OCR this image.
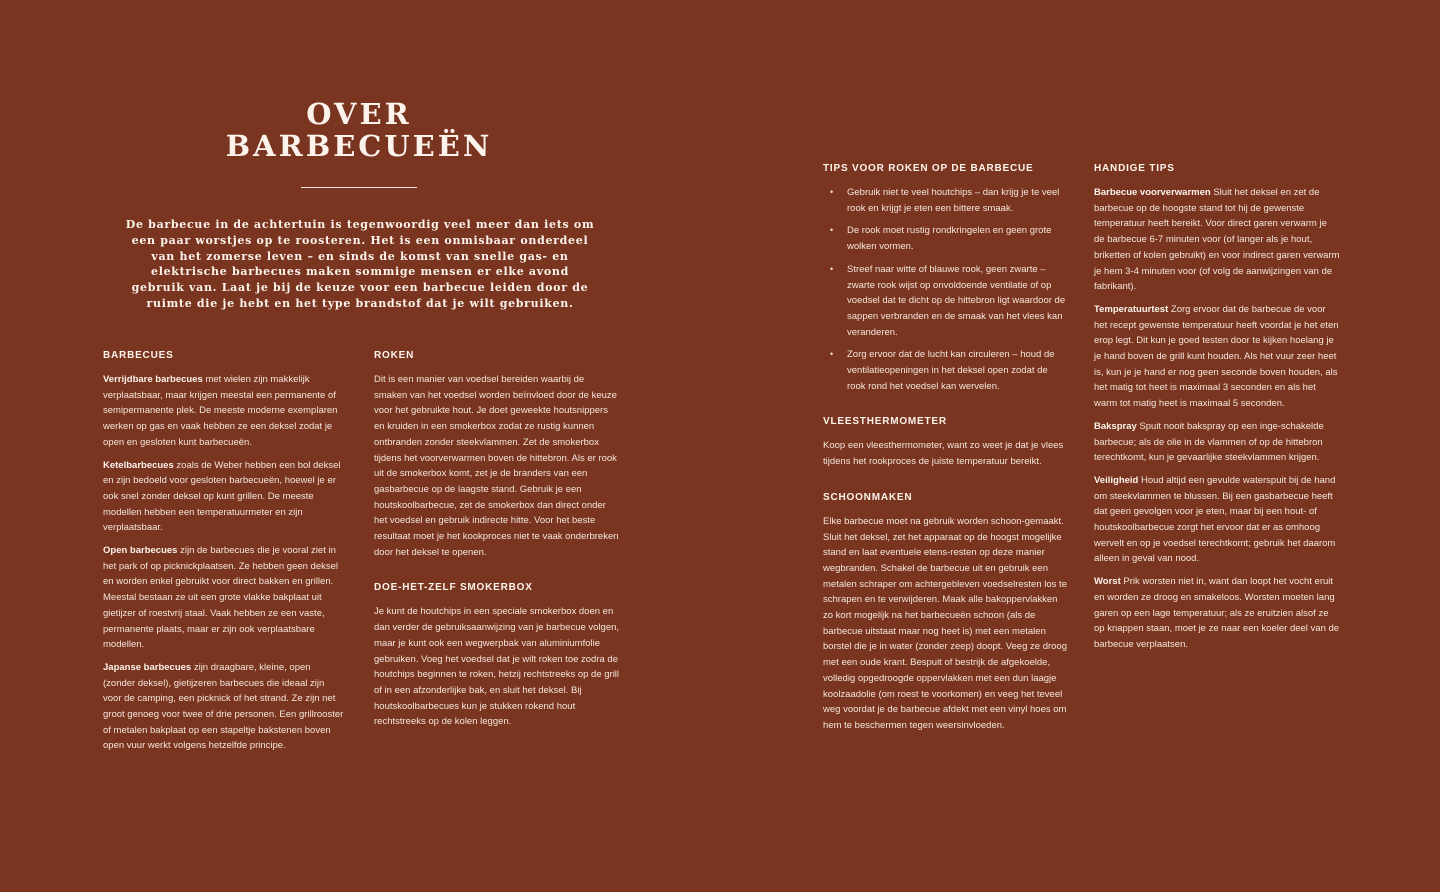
OVER
BARBECUEËN

De barbecue in de achtertuin is tegenwoordig veel meer dan iets om een paar worstjes op te roosteren. Het is een onmisbaar onderdeel van het zomerse leven – en sinds de komst van snelle gas- en elektrische barbecues maken sommige mensen er elke avond gebruik van. Laat je bij de keuze voor een barbecue leiden door de ruimte die je hebt en het type brandstof dat je wilt gebruiken.

BARBECUES

Verrijdbare barbecues met wielen zijn makkelijk verplaatsbaar, maar krijgen meestal een permanente of semipermanente plek. De meeste moderne exemplaren werken op gas en vaak hebben ze een deksel zodat je open en gesloten kunt barbecueën.

Ketelbarbecues zoals de Weber hebben een bol deksel en zijn bedoeld voor gesloten barbecueën, hoewel je er ook sneI zonder deksel op kunt grillen. De meeste modellen hebben een temperatuurmeter en zijn verplaatsbaar.

Open barbecues zijn de barbecues die je vooral ziet in het park of op picknickplaatsen. Ze hebben geen deksel en worden enkel gebruikt voor direct bakken en grillen. Meestal bestaan ze uit een grote vlakke bakplaat uit gietijzer of roestvrij staal. Vaak hebben ze een vaste, permanente plaats, maar er zijn ook verplaatsbare modellen.

Japanse barbecues zijn draagbare, kleine, open (zonder deksel), gietijzeren barbecues die ideaal zijn voor de camping, een picknick of het strand. Ze zijn net groot genoeg voor twee of drie personen. Een grillrooster of metalen bakplaat op een stapeltje bakstenen boven open vuur werkt volgens hetzelfde principe.

ROKEN

Dit is een manier van voedsel bereiden waarbij de smaken van het voedsel worden beïnvloed door de keuze voor het gebruikte hout. Je doet geweekte houtsnippers en kruiden in een smokerbox zodat ze rustig kunnen ontbranden zonder steekvlammen. Zet de smokerbox tijdens het voorverwarmen boven de hittebron. Als er rook uit de smokerbox komt, zet je de branders van een gasbarbecue op de laagste stand. Gebruik je een houtskoolbarbecue, zet de smokerbox dan direct onder het voedsel en gebruik indirecte hitte. Voor het beste resultaat moet je het kookproces niet te vaak onderbreken door het deksel te openen.

DOE-HET-ZELF SMOKERBOX

Je kunt de houtchips in een speciale smokerbox doen en dan verder de gebruiksaanwijzing van je barbecue volgen, maar je kunt ook een wegwerpbak van aluminiumfolie gebruiken. Voeg het voedsel dat je wilt roken toe zodra de houtchips beginnen te roken, hetzij rechtstreeks op de grill of in een afzonderlijke bak, en sluit het deksel. Bij houtskoolbarbecues kun je stukken rokend hout rechtstreeks op de kolen leggen.

TIPS VOOR ROKEN OP DE BARBECUE
• Gebruik niet te veel houtchips – dan krijg je te veel rook en krijgt je eten een bittere smaak.
• De rook moet rustig rondkringelen en geen grote wolken vormen.
• Streef naar witte of blauwe rook, geen zwarte – zwarte rook wijst op onvoldoende ventilatie of op voedsel dat te dicht op de hittebron ligt waardoor de sappen verbranden en de smaak van het vlees kan veranderen.
• Zorg ervoor dat de lucht kan circuleren – houd de ventilatieopeningen in het deksel open zodat de rook rond het voedsel kan wervelen.
VLEESTHERMOMETER

Koop een vleesthermometer, want zo weet je dat je vlees tijdens het rookproces de juiste temperatuur bereikt.

SCHOONMAKEN

Elke barbecue moet na gebruik worden schoon-gemaakt. Sluit het deksel, zet het apparaat op de hoogst mogelijke stand en laat eventuele etens-resten op deze manier wegbranden. Schakel de barbecue uit en gebruik een metalen schraper om achtergebleven voedselresten los te schrapen en te verwijderen. Maak alle bakoppervlakken zo kort mogelijk na het barbecueën schoon (als de barbecue uitstaat maar nog heet is) met een metalen borstel die je in water (zonder zeep) doopt. Veeg ze droog met een oude krant. Bespuit of bestrijk de afgekoelde, volledig opgedroogde oppervlakken met een dun laagje koolzaadolie (om roest te voorkomen) en veeg het teveel weg voordat je de barbecue afdekt met een vinyl hoes om hem te beschermen tegen weersinvloeden.

HANDIGE TIPS

Barbecue voorverwarmen Sluit het deksel en zet de barbecue op de hoogste stand tot hij de gewenste temperatuur heeft bereikt. Voor direct garen verwarm je de barbecue 6-7 minuten voor (of langer als je hout, briketten of kolen gebruikt) en voor indirect garen verwarm je hem 3-4 minuten voor (of volg de aanwijzingen van de fabrikant).

Temperatuurtest Zorg ervoor dat de barbecue de voor het recept gewenste temperatuur heeft voordat je het eten erop legt. Dit kun je goed testen door te kijken hoelang je je hand boven de grill kunt houden. Als het vuur zeer heet is, kun je je hand er nog geen seconde boven houden, als het matig tot heet is maximaal 3 seconden en als het warm tot matig heet is maximaal 5 seconden.

Bakspray Spuit nooit bakspray op een inge-schakelde barbecue; als de olie in de vlammen of op de hittebron terechtkomt, kun je gevaarlijke steekvlammen krijgen.

Veiligheid Houd altijd een gevulde waterspuit bij de hand om steekvlammen te blussen. Bij een gasbarbecue heeft dat geen gevolgen voor je eten, maar bij een hout- of houtskoolbarbecue zorgt het ervoor dat er as omhoog wervelt en op je voedsel terechtkomt; gebruik het daarom alleen in geval van nood.

Worst Prik worsten niet in, want dan loopt het vocht eruit en worden ze droog en smakeloos. Worsten moeten lang garen op een lage temperatuur; als ze eruitzien alsof ze op knappen staan, moet je ze naar een koeler deel van de barbecue verplaatsen.
